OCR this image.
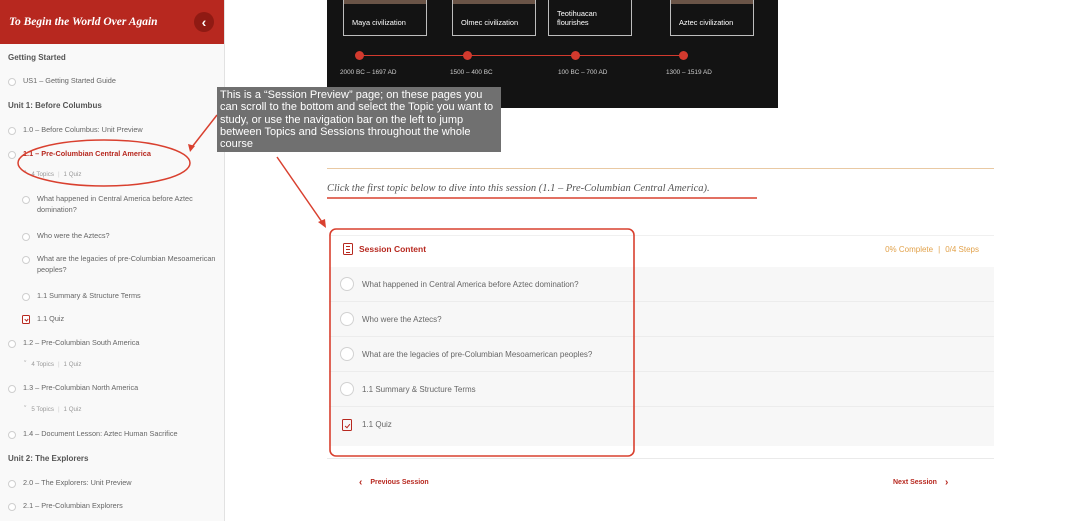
To Begin the World Over Again	‹
Getting Started
US1 – Getting Started Guide
Unit 1: Before Columbus
1.0 – Before Columbus: Unit Preview
1.1 – Pre-Columbian Central America
ˆ 4 Topics | 1 Quiz
What happened in Central America before Aztec domination?
Who were the Aztecs?
What are the legacies of pre-Columbian Mesoamerican peoples?
1.1 Summary & Structure Terms
1.1 Quiz
1.2 – Pre-Columbian South America
ˇ 4 Topics | 1 Quiz
1.3 – Pre-Columbian North America
ˇ 5 Topics | 1 Quiz
1.4 – Document Lesson: Aztec Human Sacrifice
Unit 2: The Explorers
2.0 – The Explorers: Unit Preview
2.1 – Pre-Columbian Explorers
Maya civilization	Olmec civilization
Teotihuacan flourishes	Aztec civilization
2000 BC – 1697 AD	1500 – 400 BC	100 BC – 700 AD	1300 – 1519 AD
Click the first topic below to dive into this session (1.1 – Pre-Columbian Central America).
Session Content	0% Complete | 0/4 Steps
What happened in Central America before Aztec domination?
Who were the Aztecs?
What are the legacies of pre-Columbian Mesoamerican peoples?
1.1 Summary & Structure Terms
1.1 Quiz
‹ Previous Session	Next Session ›
This is a “Session Preview” page; on these pages you can scroll to the bottom and select the Topic you want to study, or use the navigation bar on the left to jump between Topics and Sessions throughout the whole course
